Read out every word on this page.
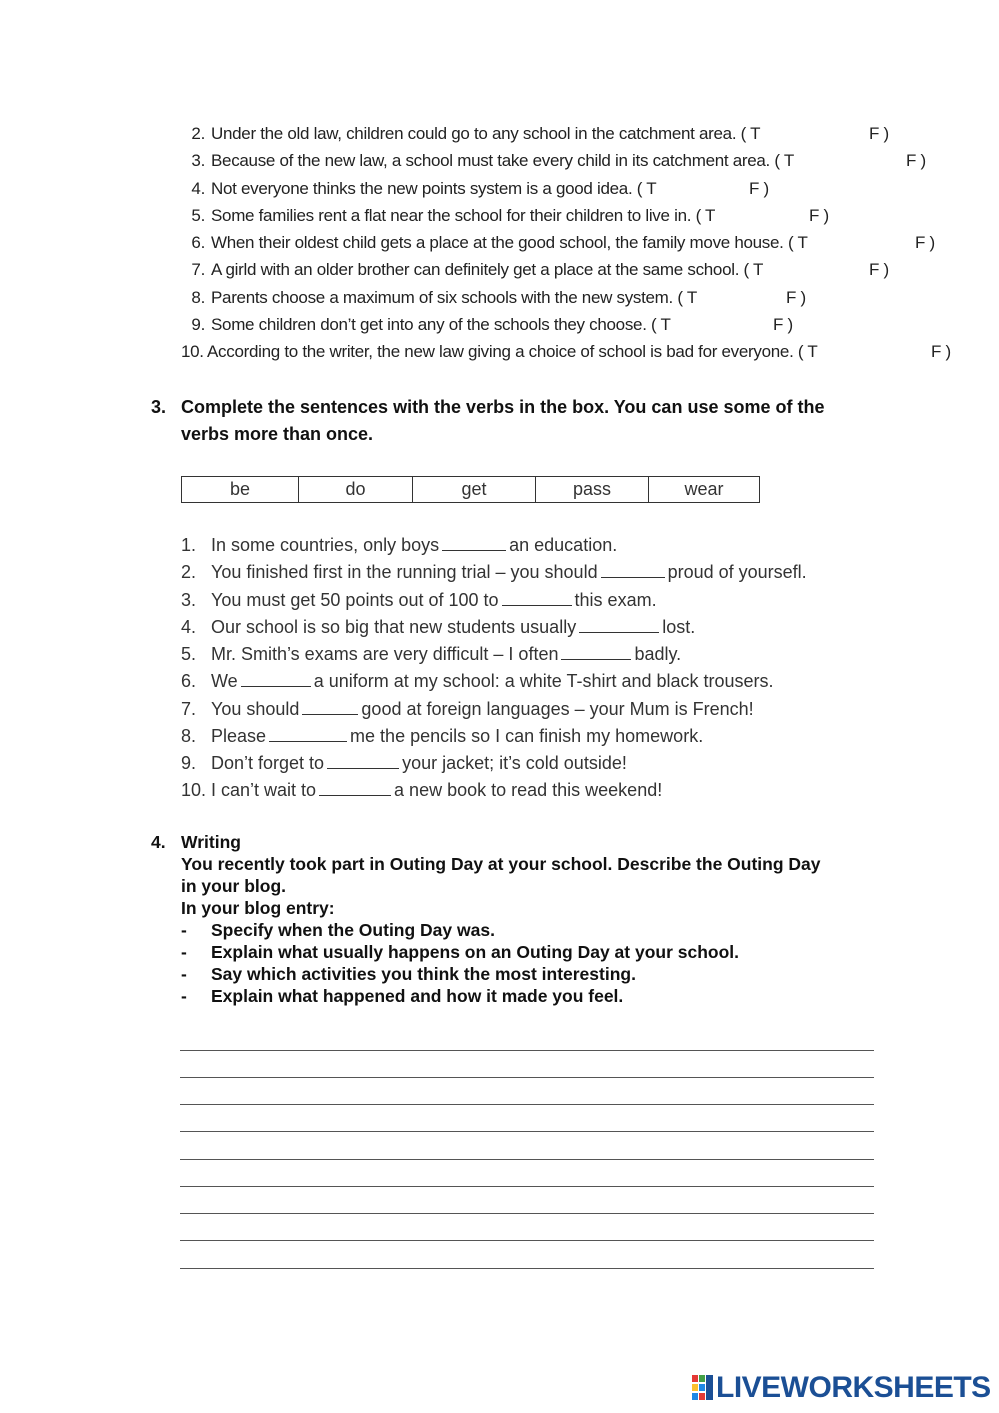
2. Under the old law, children could go to any school in the catchment area. ( T	F )
3. Because of the new law, a school must take every child in its catchment area. ( T	F )
4. Not everyone thinks the new points system is a good idea. ( T	F )
5. Some families rent a flat near the school for their children to live in. ( T	F )
6. When their oldest child gets a place at the good school, the family move house. ( T	F )
7. A girld with an older brother can definitely get a place at the same school. ( T	F )
8. Parents choose a maximum of six schools with the new system. ( T	F )
9. Some children don’t get into any of the schools they choose. ( T	F )
10. According to the writer, the new law giving a choice of school is bad for everyone. ( T	F )
3. Complete the sentences with the verbs in the box. You can use some of the
verbs more than once.
be	do	get	pass	wear
1. In some countries, only boys	an education.
2. You finished first in the running trial – you should	proud of yoursefl.
3. You must get 50 points out of 100 to	this exam.
4. Our school is so big that new students usually	lost.
5. Mr. Smith’s exams are very difficult – I often	badly.
6. We	a uniform at my school: a white T-shirt and black trousers.
7. You should	good at foreign languages – your Mum is French!
8. Please	me the pencils so I can finish my homework.
9. Don’t forget to	your jacket; it’s cold outside!
10. I can’t wait to	a new book to read this weekend!
4. Writing
You recently took part in Outing Day at your school. Describe the Outing Day
in your blog.
In your blog entry:
- Specify when the Outing Day was.
- Explain what usually happens on an Outing Day at your school.
- Say which activities you think the most interesting.
- Explain what happened and how it made you feel.
LIVEWORKSHEETS
